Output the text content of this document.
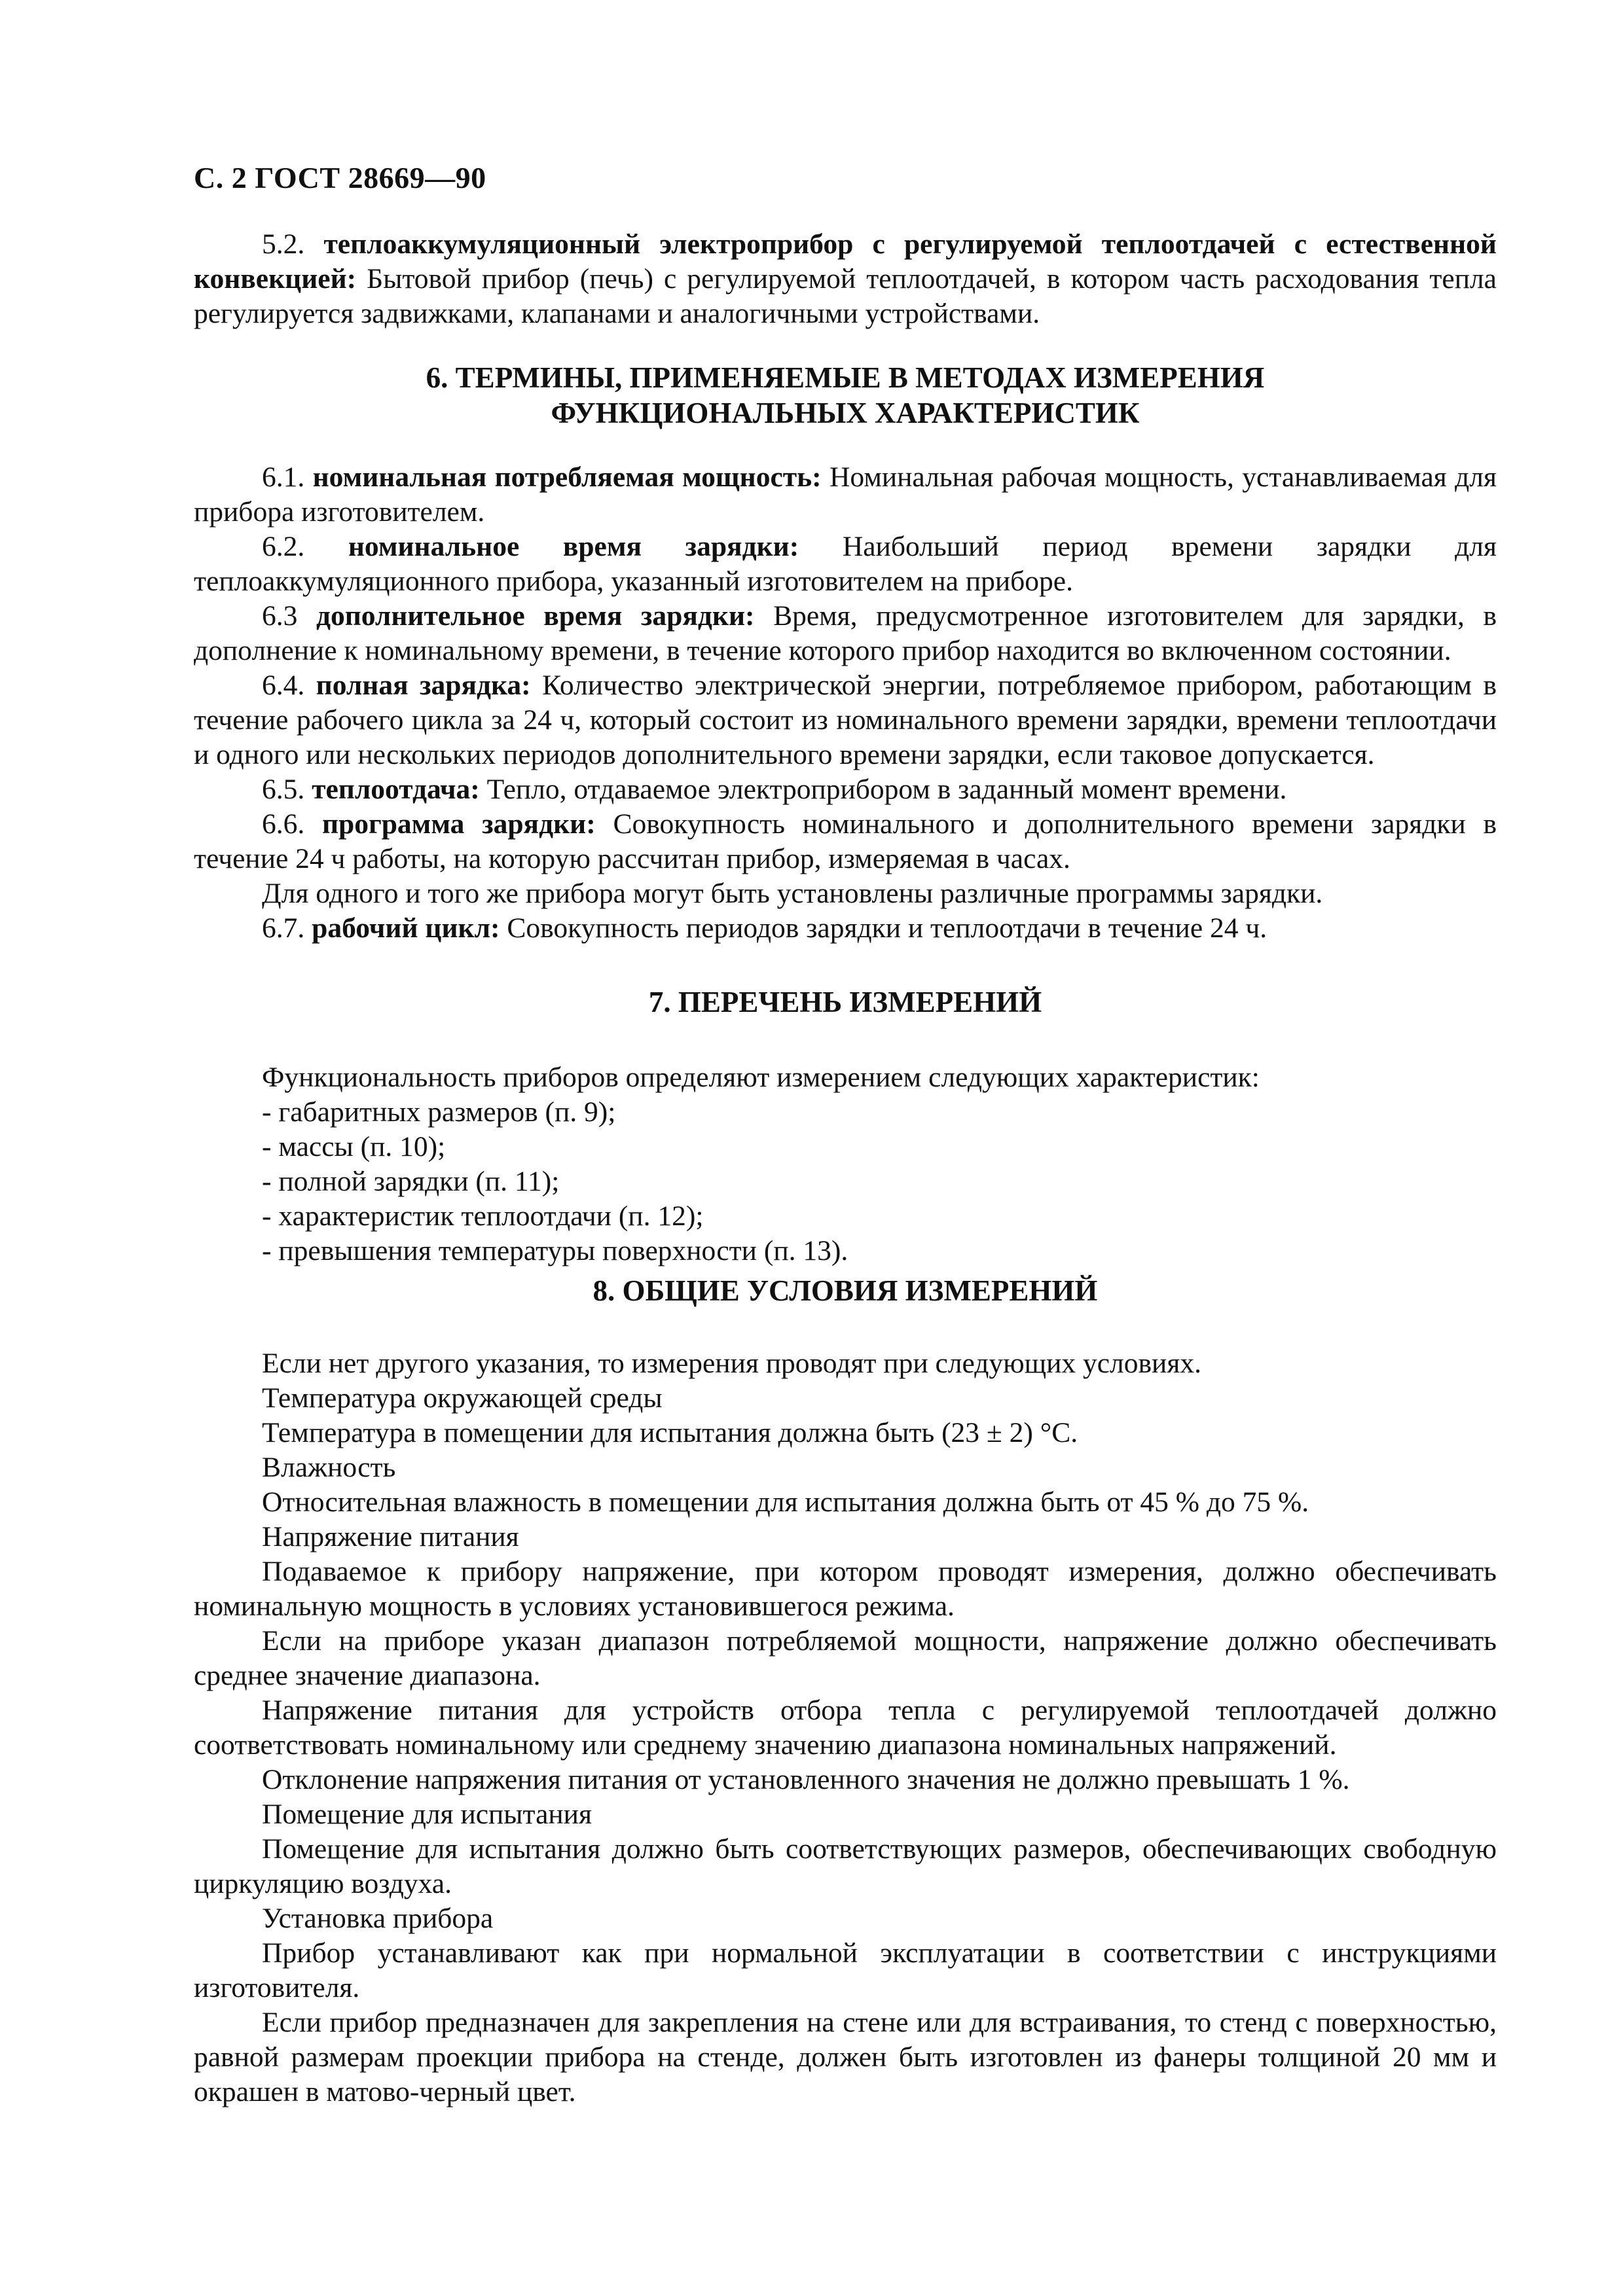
С. 2 ГОСТ 28669—90

5.2. теплоаккумуляционный электроприбор с регулируемой теплоотдачей с естественной конвекцией: Бытовой прибор (печь) с регулируемой теплоотдачей, в котором часть расходования тепла регулируется задвижками, клапанами и аналогичными устройствами.

6. ТЕРМИНЫ, ПРИМЕНЯЕМЫЕ В МЕТОДАХ ИЗМЕРЕНИЯ
ФУНКЦИОНАЛЬНЫХ ХАРАКТЕРИСТИК

6.1. номинальная потребляемая мощность: Номинальная рабочая мощность, устанавливаемая для прибора изготовителем.

6.2. номинальное время зарядки: Наибольший период времени зарядки для теплоаккумуляционного прибора, указанный изготовителем на приборе.

6.3 дополнительное время зарядки: Время, предусмотренное изготовителем для зарядки, в дополнение к номинальному времени, в течение которого прибор находится во включенном состоянии.

6.4. полная зарядка: Количество электрической энергии, потребляемое прибором, работающим в течение рабочего цикла за 24 ч, который состоит из номинального времени зарядки, времени теплоотдачи и одного или нескольких периодов дополнительного времени зарядки, если таковое допускается.

6.5. теплоотдача: Тепло, отдаваемое электроприбором в заданный момент времени.

6.6. программа зарядки: Совокупность номинального и дополнительного времени зарядки в течение 24 ч работы, на которую рассчитан прибор, измеряемая в часах.

Для одного и того же прибора могут быть установлены различные программы зарядки.

6.7. рабочий цикл: Совокупность периодов зарядки и теплоотдачи в течение 24 ч.

7. ПЕРЕЧЕНЬ ИЗМЕРЕНИЙ

Функциональность приборов определяют измерением следующих характеристик:

- габаритных размеров (п. 9);
- массы (п. 10);
- полной зарядки (п. 11);
- характеристик теплоотдачи (п. 12);
- превышения температуры поверхности (п. 13).
8. ОБЩИЕ УСЛОВИЯ ИЗМЕРЕНИЙ

Если нет другого указания, то измерения проводят при следующих условиях.

Температура окружающей среды

Температура в помещении для испытания должна быть (23 ± 2) °С.

Влажность

Относительная влажность в помещении для испытания должна быть от 45 % до 75 %.

Напряжение питания

Подаваемое к прибору напряжение, при котором проводят измерения, должно обеспечивать номинальную мощность в условиях установившегося режима.

Если на приборе указан диапазон потребляемой мощности, напряжение должно обеспечивать среднее значение диапазона.

Напряжение питания для устройств отбора тепла с регулируемой теплоотдачей должно соответствовать номинальному или среднему значению диапазона номинальных напряжений.

Отклонение напряжения питания от установленного значения не должно превышать 1 %.

Помещение для испытания

Помещение для испытания должно быть соответствующих размеров, обеспечивающих свободную циркуляцию воздуха.

Установка прибора

Прибор устанавливают как при нормальной эксплуатации в соответствии с инструкциями изготовителя.

Если прибор предназначен для закрепления на стене или для встраивания, то стенд с поверхностью, равной размерам проекции прибора на стенде, должен быть изготовлен из фанеры толщиной 20 мм и окрашен в матово-черный цвет.
